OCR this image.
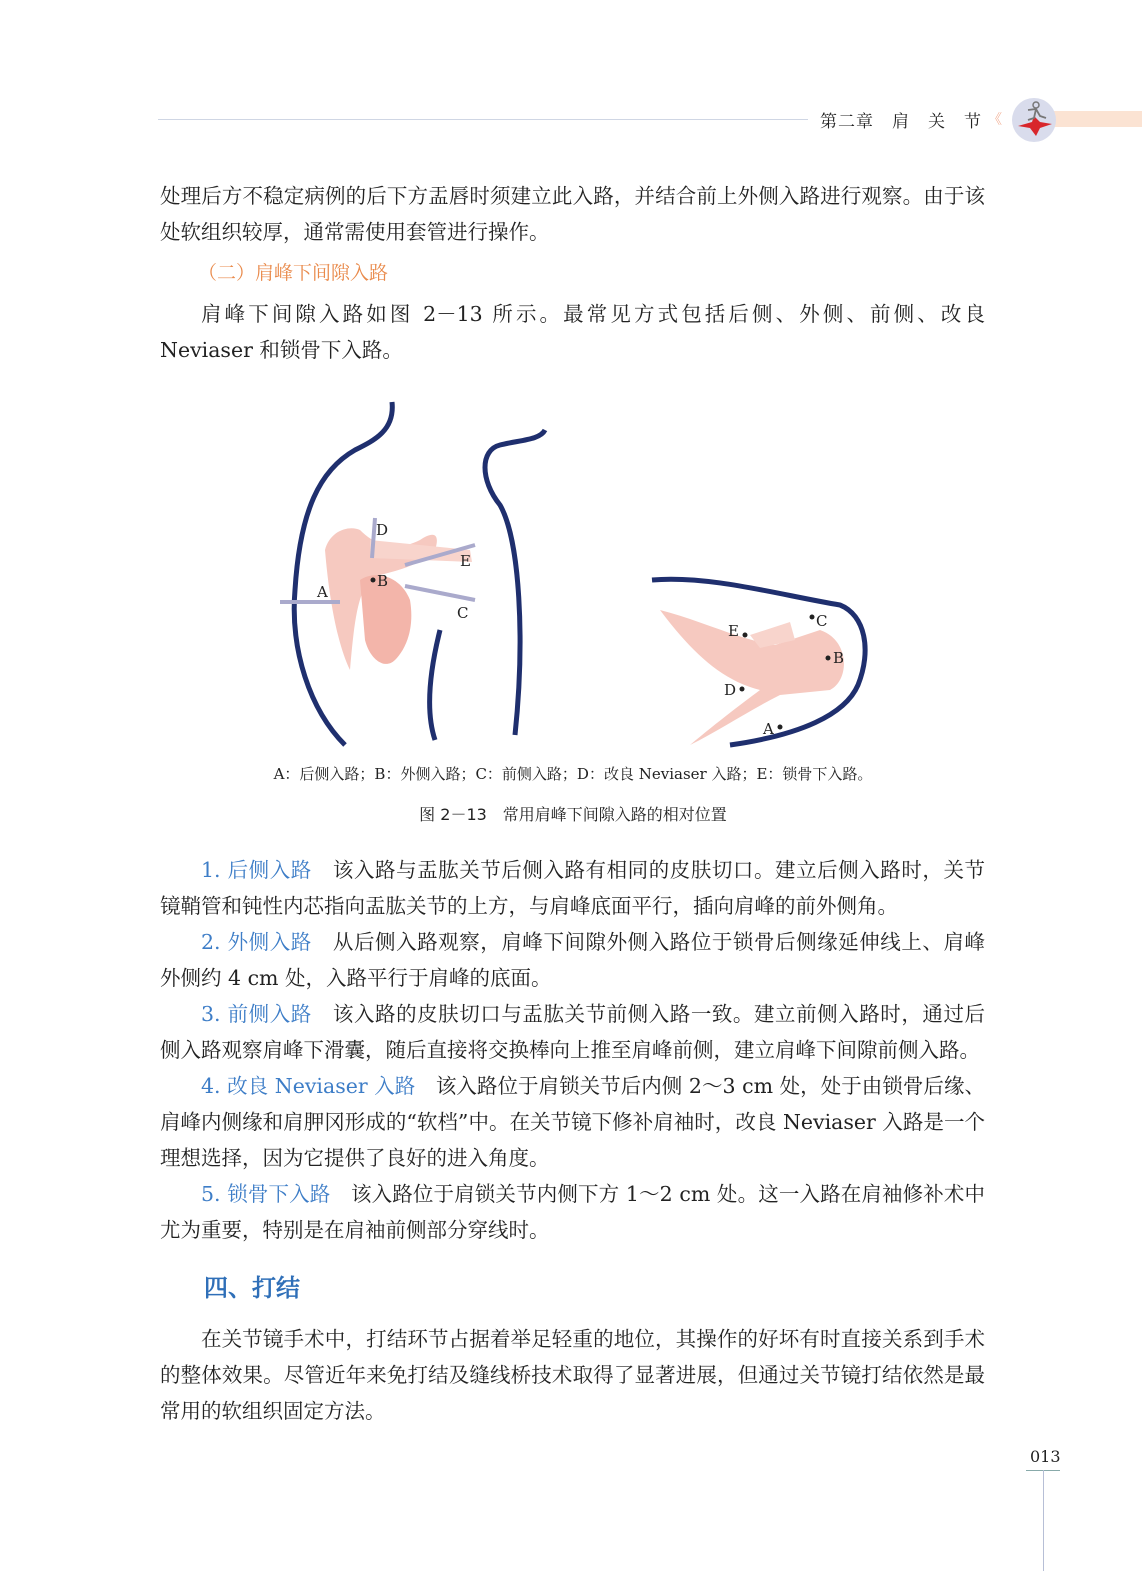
第二章　肩　关　节 《
处理后方不稳定病例的后下方盂唇时须建立此入路，并结合前上外侧入路进行观察。由于该处软组织较厚，通常需使用套管进行操作。
（二）肩峰下间隙入路
肩峰下间隙入路如图 2－13 所示。最常见方式包括后侧、外侧、前侧、改良 Neviaser 和锁骨下入路。
D
E
B
A
C
E
C
B
D
A
A：后侧入路；B：外侧入路；C：前侧入路；D：改良 Neviaser 入路；E：锁骨下入路。
图 2－13　常用肩峰下间隙入路的相对位置
1. 后侧入路　 该入路与盂肱关节后侧入路有相同的皮肤切口。建立后侧入路时，关节镜鞘管和钝性内芯指向盂肱关节的上方，与肩峰底面平行，插向肩峰的前外侧角。
2. 外侧入路　 从后侧入路观察，肩峰下间隙外侧入路位于锁骨后侧缘延伸线上、肩峰外侧约 4 cm 处，入路平行于肩峰的底面。
3. 前侧入路　 该入路的皮肤切口与盂肱关节前侧入路一致。建立前侧入路时，通过后侧入路观察肩峰下滑囊，随后直接将交换棒向上推至肩峰前侧，建立肩峰下间隙前侧入路。
4. 改良 Neviaser 入路　 该入路位于肩锁关节后内侧 2～3 cm 处，处于由锁骨后缘、肩峰内侧缘和肩胛冈形成的“软档”中。在关节镜下修补肩袖时，改良 Neviaser 入路是一个理想选择，因为它提供了良好的进入角度。
5. 锁骨下入路　 该入路位于肩锁关节内侧下方 1～2 cm 处。这一入路在肩袖修补术中尤为重要，特别是在肩袖前侧部分穿线时。
四、打结
在关节镜手术中，打结环节占据着举足轻重的地位，其操作的好坏有时直接关系到手术的整体效果。尽管近年来免打结及缝线桥技术取得了显著进展，但通过关节镜打结依然是最常用的软组织固定方法。
013
